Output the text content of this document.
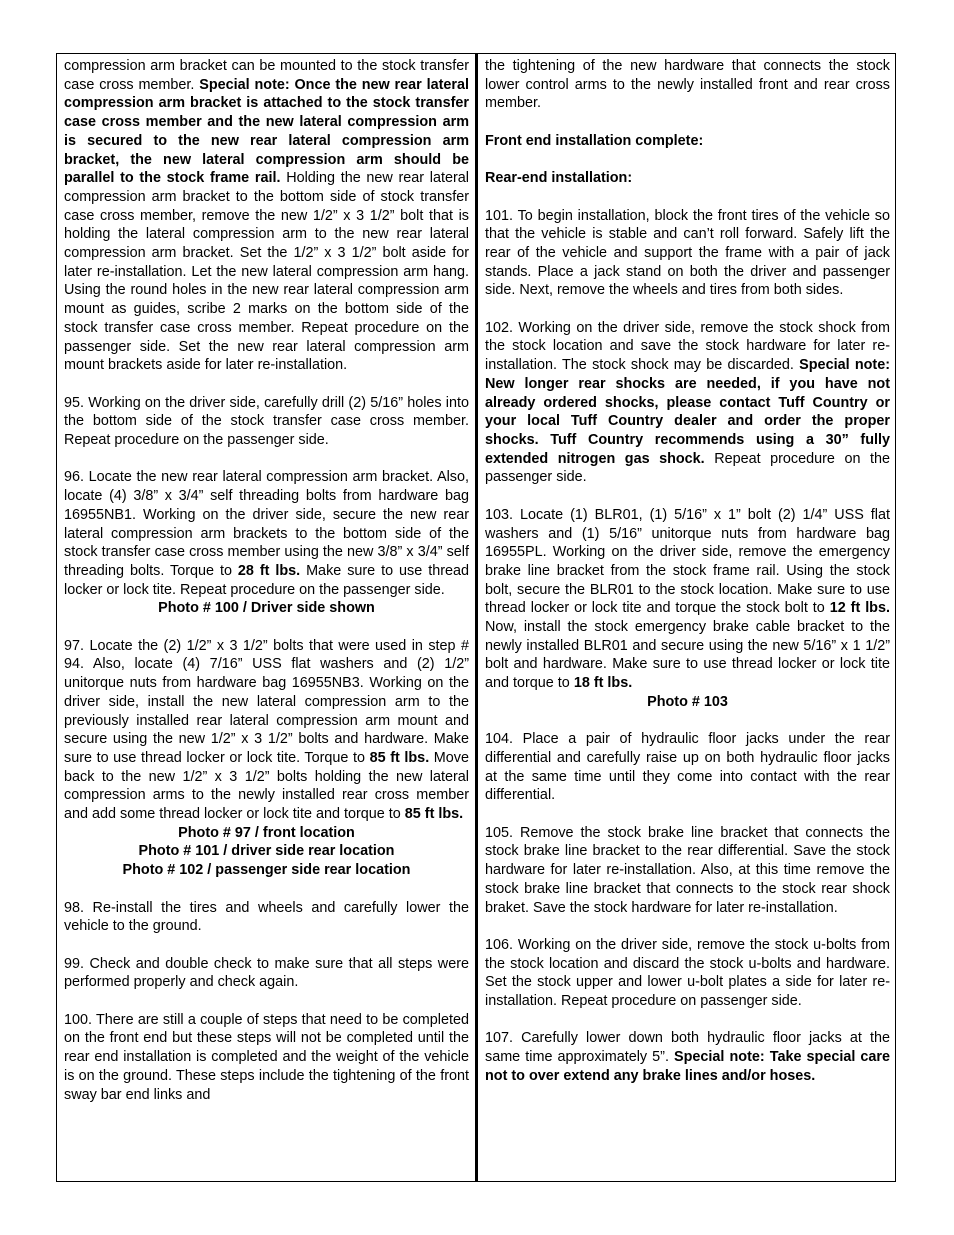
compression arm bracket can be mounted to the stock transfer case cross member. Special note: Once the new rear lateral compression arm bracket is attached to the stock transfer case cross member and the new lateral compression arm is secured to the new rear lateral compression arm bracket, the new lateral compression arm should be parallel to the stock frame rail. Holding the new rear lateral compression arm bracket to the bottom side of stock transfer case cross member, remove the new 1/2” x 3 1/2” bolt that is holding the lateral compression arm to the new rear lateral compression arm bracket. Set the 1/2” x 3 1/2” bolt aside for later re-installation. Let the new lateral compression arm hang. Using the round holes in the new rear lateral compression arm mount as guides, scribe 2 marks on the bottom side of the stock transfer case cross member. Repeat procedure on the passenger side. Set the new rear lateral compression arm mount brackets aside for later re-installation.

95. Working on the driver side, carefully drill (2) 5/16” holes into the bottom side of the stock transfer case cross member. Repeat procedure on the passenger side.

96. Locate the new rear lateral compression arm bracket. Also, locate (4) 3/8” x 3/4” self threading bolts from hardware bag 16955NB1. Working on the driver side, secure the new rear lateral compression arm brackets to the bottom side of the stock transfer case cross member using the new 3/8” x 3/4” self threading bolts. Torque to 28 ft lbs. Make sure to use thread locker or lock tite. Repeat procedure on the passenger side.

Photo # 100 / Driver side shown

97. Locate the (2) 1/2” x 3 1/2” bolts that were used in step # 94. Also, locate (4) 7/16” USS flat washers and (2) 1/2” unitorque nuts from hardware bag 16955NB3. Working on the driver side, install the new lateral compression arm to the previously installed rear lateral compression arm mount and secure using the new 1/2” x 3 1/2” bolts and hardware. Make sure to use thread locker or lock tite. Torque to 85 ft lbs. Move back to the new 1/2” x 3 1/2” bolts holding the new lateral compression arms to the newly installed rear cross member and add some thread locker or lock tite and torque to 85 ft lbs.

Photo # 97 / front location

Photo # 101 / driver side rear location

Photo # 102 / passenger side rear location

98. Re-install the tires and wheels and carefully lower the vehicle to the ground.

99. Check and double check to make sure that all steps were performed properly and check again.

100. There are still a couple of steps that need to be completed on the front end but these steps will not be completed until the rear end installation is completed and the weight of the vehicle is on the ground. These steps include the tightening of the front sway bar end links and

the tightening of the new hardware that connects the stock lower control arms to the newly installed front and rear cross member.

Front end installation complete:

Rear-end installation:

101. To begin installation, block the front tires of the vehicle so that the vehicle is stable and can’t roll forward. Safely lift the rear of the vehicle and support the frame with a pair of jack stands. Place a jack stand on both the driver and passenger side. Next, remove the wheels and tires from both sides.

102. Working on the driver side, remove the stock shock from the stock location and save the stock hardware for later re-installation. The stock shock may be discarded. Special note: New longer rear shocks are needed, if you have not already ordered shocks, please contact Tuff Country or your local Tuff Country dealer and order the proper shocks. Tuff Country recommends using a 30” fully extended nitrogen gas shock. Repeat procedure on the passenger side.

103. Locate (1) BLR01, (1) 5/16” x 1” bolt (2) 1/4” USS flat washers and (1) 5/16” unitorque nuts from hardware bag 16955PL. Working on the driver side, remove the emergency brake line bracket from the stock frame rail. Using the stock bolt, secure the BLR01 to the stock location. Make sure to use thread locker or lock tite and torque the stock bolt to 12 ft lbs. Now, install the stock emergency brake cable bracket to the newly installed BLR01 and secure using the new 5/16” x 1 1/2” bolt and hardware. Make sure to use thread locker or lock tite and torque to 18 ft lbs.

Photo # 103

104. Place a pair of hydraulic floor jacks under the rear differential and carefully raise up on both hydraulic floor jacks at the same time until they come into contact with the rear differential.

105. Remove the stock brake line bracket that connects the stock brake line bracket to the rear differential. Save the stock hardware for later re-installation. Also, at this time remove the stock brake line bracket that connects to the stock rear shock braket. Save the stock hardware for later re-installation.

106. Working on the driver side, remove the stock u-bolts from the stock location and discard the stock u-bolts and hardware. Set the stock upper and lower u-bolt plates a side for later re-installation. Repeat procedure on passenger side.

107. Carefully lower down both hydraulic floor jacks at the same time approximately 5”. Special note: Take special care not to over extend any brake lines and/or hoses.
